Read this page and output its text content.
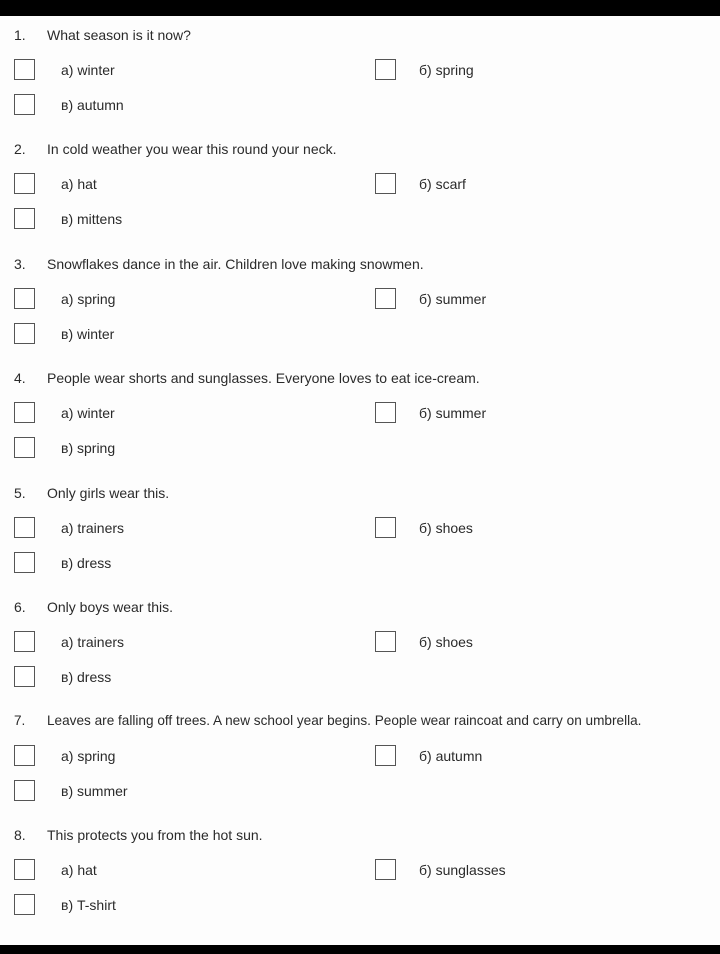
1. What season is it now?
а) winter	б) spring
в) autumn
2. In cold weather you wear this round your neck.
а) hat	б) scarf
в) mittens
3. Snowflakes dance in the air. Children love making snowmen.
а) spring	б) summer
в) winter
4. People wear shorts and sunglasses. Everyone loves to eat ice-cream.
а) winter	б) summer
в) spring
5. Only girls wear this.
а) trainers	б) shoes
в) dress
6. Only boys wear this.
а) trainers	б) shoes
в) dress
7. Leaves are falling off trees. A new school year begins. People wear raincoat and carry on umbrella.
а) spring	б) autumn
в) summer
8. This protects you from the hot sun.
а) hat	б) sunglasses
в) T-shirt
